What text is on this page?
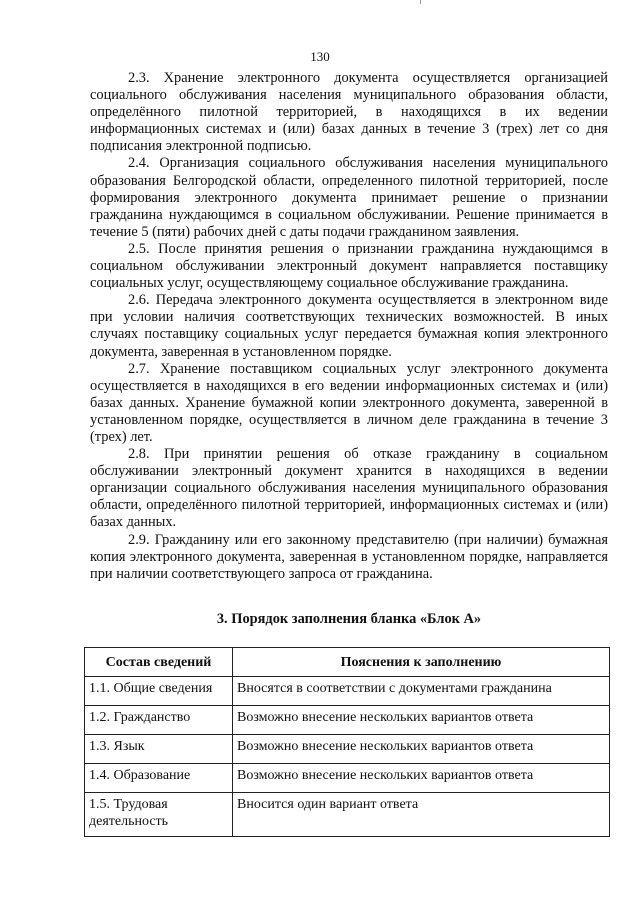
130

2.3. Хранение электронного документа осуществляется организацией социального обслуживания населения муниципального образования области, определённого пилотной территорией, в находящихся в их ведении информационных системах и (или) базах данных в течение 3 (трех) лет со дня подписания электронной подписью.

2.4. Организация социального обслуживания населения муниципального образования Белгородской области, определенного пилотной территорией, после формирования электронного документа принимает решение о признании гражданина нуждающимся в социальном обслуживании. Решение принимается в течение 5 (пяти) рабочих дней с даты подачи гражданином заявления.

2.5. После принятия решения о признании гражданина нуждающимся в социальном обслуживании электронный документ направляется поставщику социальных услуг, осуществляющему социальное обслуживание гражданина.

2.6. Передача электронного документа осуществляется в электронном виде при условии наличия соответствующих технических возможностей. В иных случаях поставщику социальных услуг передается бумажная копия электронного документа, заверенная в установленном порядке.

2.7. Хранение поставщиком социальных услуг электронного документа осуществляется в находящихся в его ведении информационных системах и (или) базах данных. Хранение бумажной копии электронного документа, заверенной в установленном порядке, осуществляется в личном деле гражданина в течение 3 (трех) лет.

2.8. При принятии решения об отказе гражданину в социальном обслуживании электронный документ хранится в находящихся в ведении организации социального обслуживания населения муниципального образования области, определённого пилотной территорией, информационных системах и (или) базах данных.

2.9. Гражданину или его законному представителю (при наличии) бумажная копия электронного документа, заверенная в установленном порядке, направляется при наличии соответствующего запроса от гражданина.

3. Порядок заполнения бланка «Блок А»
Состав сведений	Пояснения к заполнению
1.1. Общие сведения	Вносятся в соответствии с документами гражданина
1.2. Гражданство	Возможно внесение нескольких вариантов ответа
1.3. Язык	Возможно внесение нескольких вариантов ответа
1.4. Образование	Возможно внесение нескольких вариантов ответа
1.5. Трудовая деятельность	Вносится один вариант ответа
